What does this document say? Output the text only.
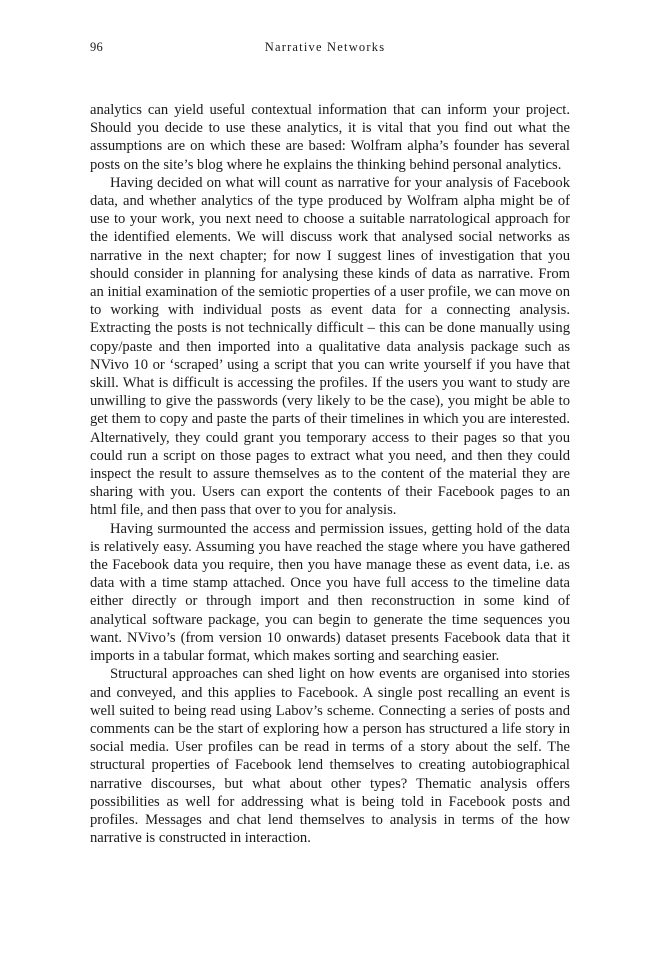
96	Narrative Networks

analytics can yield useful contextual information that can inform your project. Should you decide to use these analytics, it is vital that you find out what the assumptions are on which these are based: Wolfram alpha’s founder has several posts on the site’s blog where he explains the thinking behind personal analytics.

Having decided on what will count as narrative for your analysis of Facebook data, and whether analytics of the type produced by Wolfram alpha might be of use to your work, you next need to choose a suitable narratological approach for the identified elements. We will discuss work that analysed social networks as narrative in the next chapter; for now I suggest lines of investigation that you should consider in planning for analysing these kinds of data as narrative. From an initial examination of the semiotic properties of a user profile, we can move on to working with individual posts as event data for a connecting analysis. Extracting the posts is not technically difficult – this can be done manually using copy/paste and then imported into a qualitative data analysis package such as NVivo 10 or ‘scraped’ using a script that you can write yourself if you have that skill. What is difficult is accessing the profiles. If the users you want to study are unwilling to give the passwords (very likely to be the case), you might be able to get them to copy and paste the parts of their timelines in which you are interested. Alternatively, they could grant you temporary access to their pages so that you could run a script on those pages to extract what you need, and then they could inspect the result to assure themselves as to the content of the material they are sharing with you. Users can export the contents of their Facebook pages to an html file, and then pass that over to you for analysis.

Having surmounted the access and permission issues, getting hold of the data is relatively easy. Assuming you have reached the stage where you have gathered the Facebook data you require, then you have manage these as event data, i.e. as data with a time stamp attached. Once you have full access to the timeline data either directly or through import and then reconstruction in some kind of analytical software package, you can begin to generate the time sequences you want. NVivo’s (from version 10 onwards) dataset presents Facebook data that it imports in a tabular format, which makes sorting and searching easier.

Structural approaches can shed light on how events are organised into stories and conveyed, and this applies to Facebook. A single post recalling an event is well suited to being read using Labov’s scheme. Connecting a series of posts and comments can be the start of exploring how a person has structured a life story in social media. User profiles can be read in terms of a story about the self. The structural properties of Facebook lend themselves to creating autobiographical narrative discourses, but what about other types? Thematic analysis offers possibilities as well for addressing what is being told in Facebook posts and profiles. Messages and chat lend themselves to analysis in terms of the how narrative is constructed in interaction.
